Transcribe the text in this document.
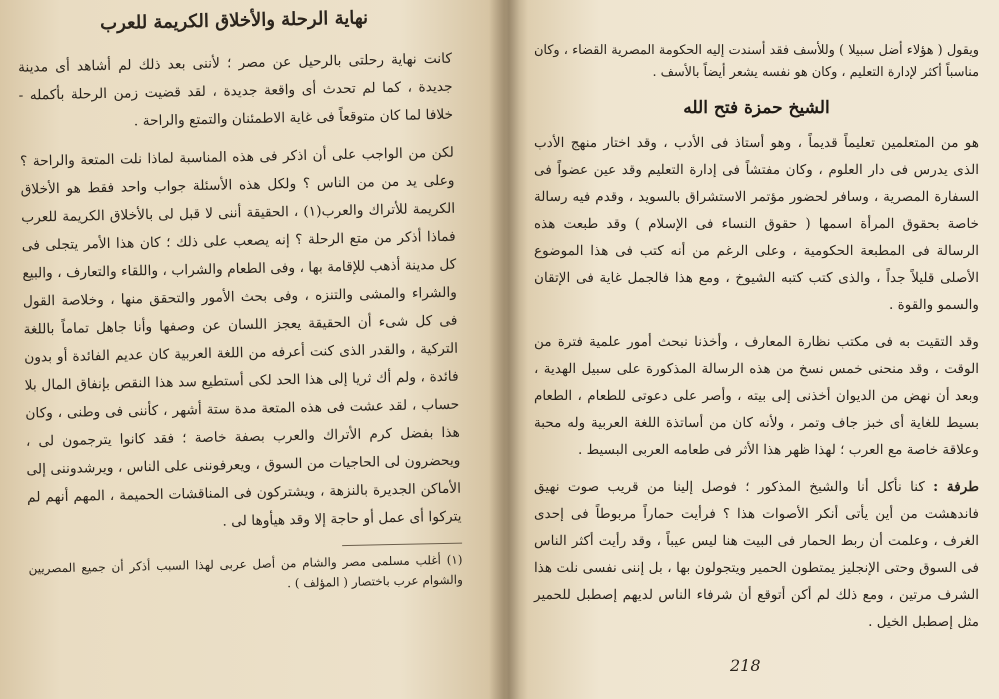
نهاية الرحلة والأخلاق الكريمة للعرب

كانت نهاية رحلتى بالرحيل عن مصر ؛ لأننى بعد ذلك لم أشاهد أى مدينة جديدة ، كما لم تحدث أى واقعة جديدة ، لقد قضيت زمن الرحلة بأكمله - خلافا لما كان متوقعاً فى غاية الاطمئنان والتمتع والراحة .

لكن من الواجب على أن اذكر فى هذه المناسبة لماذا نلت المتعة والراحة ؟ وعلى يد من من الناس ؟ ولكل هذه الأسئلة جواب واحد فقط هو الأخلاق الكريمة للأتراك والعرب(١) ، الحقيقة أننى لا قبل لى بالأخلاق الكريمة للعرب فماذا أذكر من متع الرحلة ؟ إنه يصعب على ذلك ؛ كان هذا الأمر يتجلى فى كل مدينة أذهب للإقامة بها ، وفى الطعام والشراب ، واللقاء والتعارف ، والبيع والشراء والمشى والتنزه ، وفى بحث الأمور والتحقق منها ، وخلاصة القول فى كل شىء أن الحقيقة يعجز اللسان عن وصفها وأنا جاهل تماماً باللغة التركية ، والقدر الذى كنت أعرفه من اللغة العربية كان عديم الفائدة أو بدون فائدة ، ولم أك ثريا إلى هذا الحد لكى أستطيع سد هذا النقص بإنفاق المال بلا حساب ، لقد عشت فى هذه المتعة مدة ستة أشهر ، كأننى فى وطنى ، وكان هذا بفضل كرم الأتراك والعرب بصفة خاصة ؛ فقد كانوا يترجمون لى ، ويحضرون لى الحاجيات من السوق ، ويعرفوننى على الناس ، ويرشدوننى إلى الأماكن الجديرة بالنزهة ، ويشتركون فى المناقشات الحميمة ، المهم أنهم لم يتركوا أى عمل أو حاجة إلا وقد هيأوها لى .

(١) أغلب مسلمى مصر والشام من أصل عربى لهذا السبب أذكر أن جميع المصريين والشوام عرب باختصار ( المؤلف ) .

ويقول ( هؤلاء أضل سبيلا ) وللأسف فقد أسندت إليه الحكومة المصرية القضاء ، وكان مناسباً أكثر لإدارة التعليم ، وكان هو نفسه يشعر أيضاً بالأسف .

الشيخ حمزة فتح الله

هو من المتعلمين تعليماً قديماً ، وهو أستاذ فى الأدب ، وقد اختار منهج الأدب الذى يدرس فى دار العلوم ، وكان مفتشاً فى إدارة التعليم وقد عين عضواً فى السفارة المصرية ، وسافر لحضور مؤتمر الاستشراق بالسويد ، وقدم فيه رسالة خاصة بحقوق المرأة اسمها ( حقوق النساء فى الإسلام ) وقد طبعت هذه الرسالة فى المطبعة الحكومية ، وعلى الرغم من أنه كتب فى هذا الموضوع الأصلى قليلاً جداً ، والذى كتب كتبه الشيوخ ، ومع هذا فالجمل غاية فى الإتقان والسمو والقوة .

وقد التقيت به فى مكتب نظارة المعارف ، وأخذنا نبحث أمور علمية فترة من الوقت ، وقد منحنى خمس نسخ من هذه الرسالة المذكورة على سبيل الهدية ، وبعد أن نهض من الديوان أخذنى إلى بيته ، وأصر على دعوتى للطعام ، الطعام بسيط للغاية أى خبز جاف وتمر ، ولأنه كان من أساتذة اللغة العربية وله محبة وعلاقة خاصة مع العرب ؛ لهذا ظهر هذا الأثر فى طعامه العربى البسيط .

طرفة : كنا نأكل أنا والشيخ المذكور ؛ فوصل إلينا من قريب صوت نهيق فاندهشت من أين يأتى أنكر الأصوات هذا ؟ فرأيت حماراً مربوطاً فى إحدى الغرف ، وعلمت أن ربط الحمار فى البيت هنا ليس عيباً ، وقد رأيت أكثر الناس فى السوق وحتى الإنجليز يمتطون الحمير ويتجولون بها ، بل إننى نفسى نلت هذا الشرف مرتين ، ومع ذلك لم أكن أتوقع أن شرفاء الناس لديهم إصطبل للحمير مثل إصطبل الخيل .

218
